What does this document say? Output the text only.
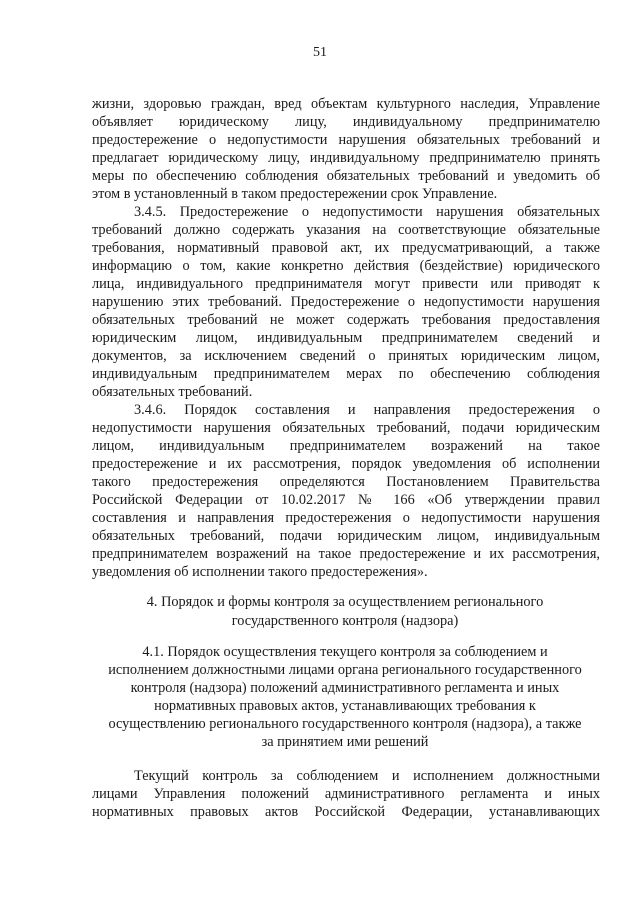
51
жизни, здоровью граждан, вред объектам культурного наследия, Управление
объявляет юридическому лицу, индивидуальному предпринимателю
предостережение о недопустимости нарушения обязательных требований и
предлагает юридическому лицу, индивидуальному предпринимателю принять
меры по обеспечению соблюдения обязательных требований и уведомить об
этом в установленный в таком предостережении срок Управление.
3.4.5. Предостережение о недопустимости нарушения обязательных
требований должно содержать указания на соответствующие обязательные
требования, нормативный правовой акт, их предусматривающий, а также
информацию о том, какие конкретно действия (бездействие) юридического
лица, индивидуального предпринимателя могут привести или приводят к
нарушению этих требований. Предостережение о недопустимости нарушения
обязательных требований не может содержать требования предоставления
юридическим лицом, индивидуальным предпринимателем сведений и
документов, за исключением сведений о принятых юридическим лицом,
индивидуальным предпринимателем мерах по обеспечению соблюдения
обязательных требований.
3.4.6. Порядок составления и направления предостережения о
недопустимости нарушения обязательных требований, подачи юридическим
лицом, индивидуальным предпринимателем возражений на такое
предостережение и их рассмотрения, порядок уведомления об исполнении
такого предостережения определяются Постановлением Правительства
Российской Федерации от 10.02.2017 № 166 «Об утверждении правил
составления и направления предостережения о недопустимости нарушения
обязательных требований, подачи юридическим лицом, индивидуальным
предпринимателем возражений на такое предостережение и их рассмотрения,
уведомления об исполнении такого предостережения».
4. Порядок и формы контроля за осуществлением регионального
государственного контроля (надзора)
4.1. Порядок осуществления текущего контроля за соблюдением и
исполнением должностными лицами органа регионального государственного
контроля (надзора) положений административного регламента и иных
нормативных правовых актов, устанавливающих требования к
осуществлению регионального государственного контроля (надзора), а также
за принятием ими решений
Текущий контроль за соблюдением и исполнением должностными
лицами Управления положений административного регламента и иных
нормативных правовых актов Российской Федерации, устанавливающих
